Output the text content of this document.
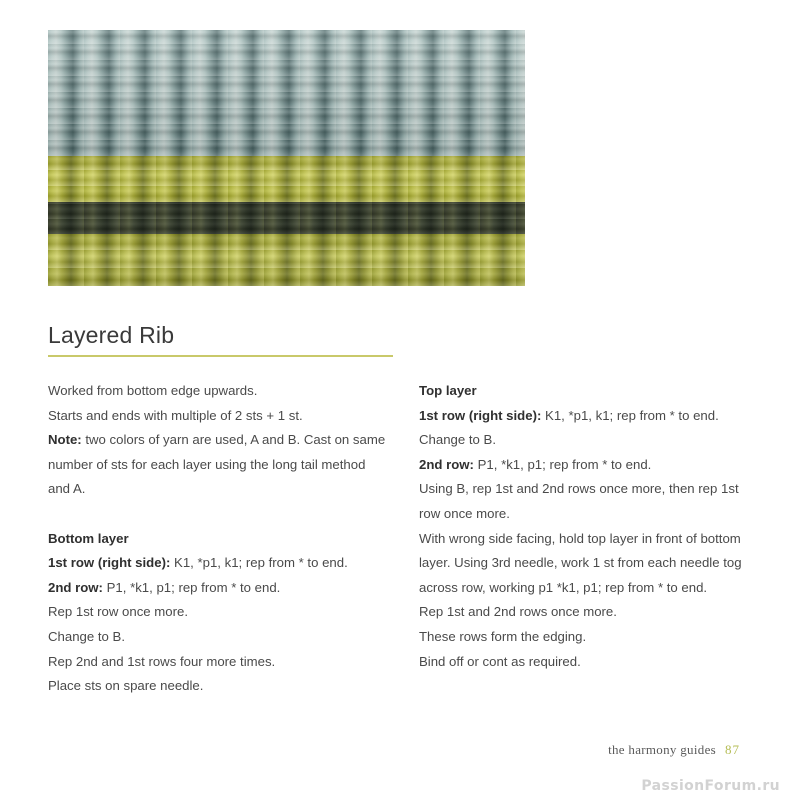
Layered Rib

Worked from bottom edge upwards.
Starts and ends with multiple of 2 sts + 1 st.

Note: two colors of yarn are used, A and B. Cast on same
number of sts for each layer using the long tail method
and A.

Bottom layer
1st row (right side): K1, *p1, k1; rep from * to end.
2nd row: P1, *k1, p1; rep from * to end.
Rep 1st row once more.
Change to B.
Rep 2nd and 1st rows four more times.
Place sts on spare needle.

Top layer
1st row (right side): K1, *p1, k1; rep from * to end.
Change to B.
2nd row: P1, *k1, p1; rep from * to end.
Using B, rep 1st and 2nd rows once more, then rep 1st
row once more.
With wrong side facing, hold top layer in front of bottom
layer. Using 3rd needle, work 1 st from each needle tog
across row, working p1 *k1, p1; rep from * to end.
Rep 1st and 2nd rows once more.
These rows form the edging.
Bind off or cont as required.

the harmony guides 87
PassionForum.ru
